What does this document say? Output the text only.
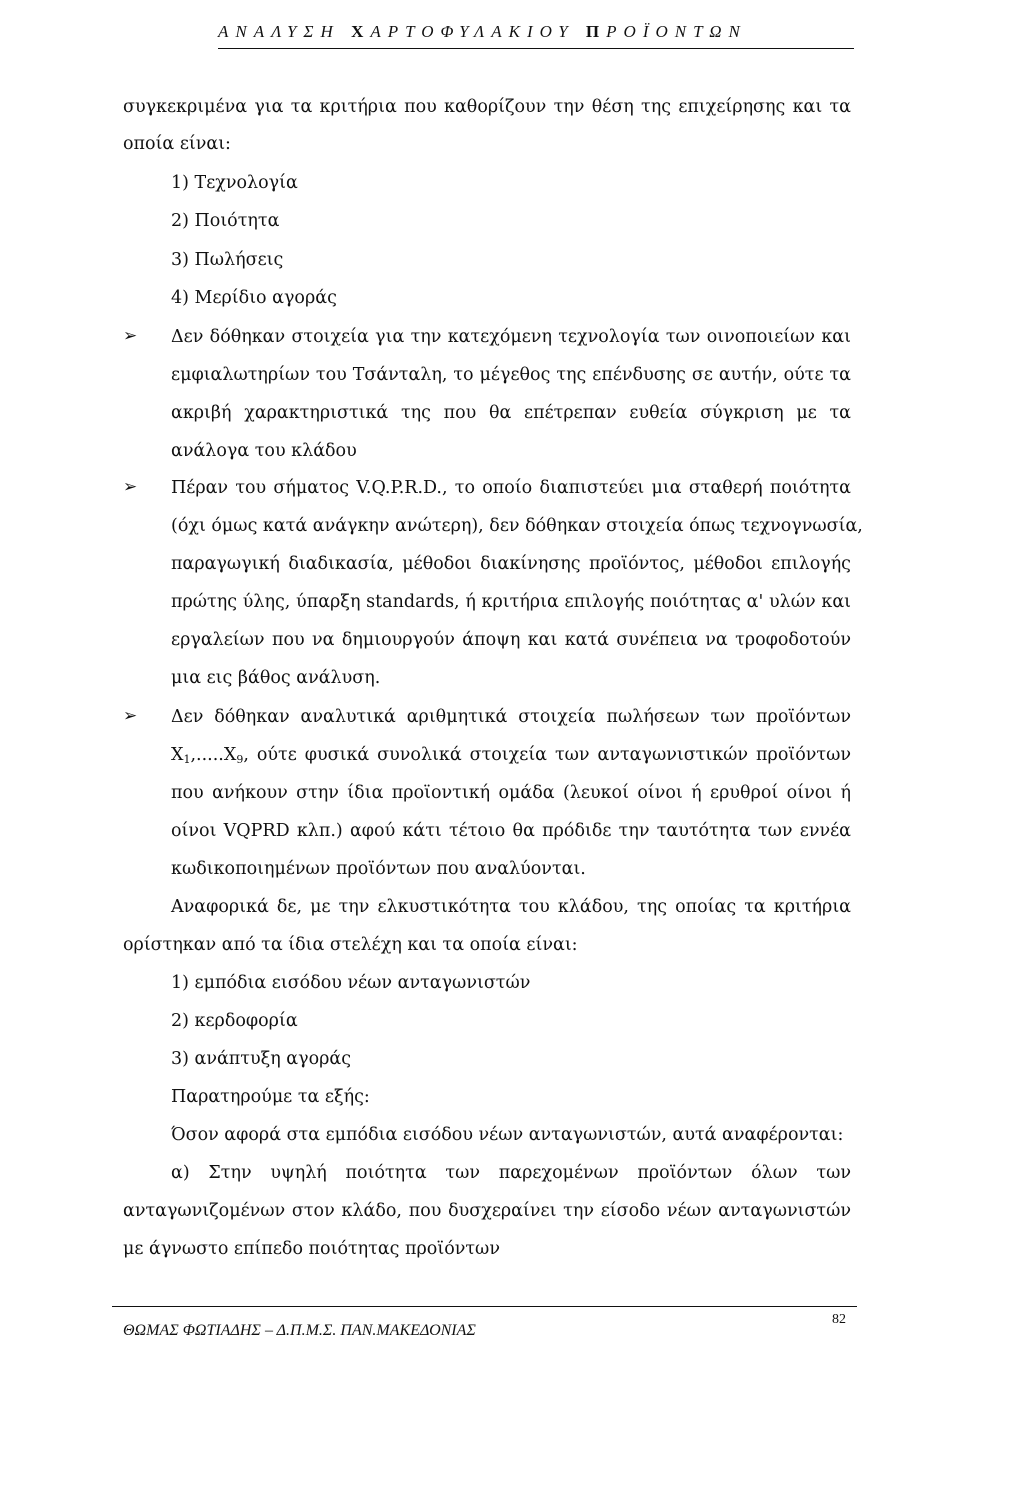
ΑΝΑΛΥΣΗ ΧΑΡΤΟΦΥΛΑΚΙΟΥ ΠΡΟΪΟΝΤΩΝ
συγκεκριμένα για τα κριτήρια που καθορίζουν την θέση της επιχείρησης και τα
οποία είναι:
1) Τεχνολογία
2) Ποιότητα
3) Πωλήσεις
4) Μερίδιο αγοράς
➢ Δεν δόθηκαν στοιχεία για την κατεχόμενη τεχνολογία των οινοποιείων και
εμφιαλωτηρίων του Τσάνταλη, το μέγεθος της επένδυσης σε αυτήν, ούτε τα
ακριβή χαρακτηριστικά της που θα επέτρεπαν ευθεία σύγκριση με τα
ανάλογα του κλάδου
➢ Πέραν του σήματος V.Q.P.R.D., το οποίο διαπιστεύει μια σταθερή ποιότητα
(όχι όμως κατά ανάγκην ανώτερη), δεν δόθηκαν στοιχεία όπως τεχνογνωσία,
παραγωγική διαδικασία, μέθοδοι διακίνησης προϊόντος, μέθοδοι επιλογής
πρώτης ύλης, ύπαρξη standards, ή κριτήρια επιλογής ποιότητας α' υλών και
εργαλείων που να δημιουργούν άποψη και κατά συνέπεια να τροφοδοτούν
μια εις βάθος ανάλυση.
➢ Δεν δόθηκαν αναλυτικά αριθμητικά στοιχεία πωλήσεων των προϊόντων
$X_1,.....X_9$ , ούτε φυσικά συνολικά στοιχεία των ανταγωνιστικών προϊόντων
που ανήκουν στην ίδια προϊοντική ομάδα (λευκοί οίνοι ή ερυθροί οίνοι ή
οίνοι VQPRD κλπ.) αφού κάτι τέτοιο θα πρόδιδε την ταυτότητα των εννέα
κωδικοποιημένων προϊόντων που αναλύονται.
Αναφορικά δε, με την ελκυστικότητα του κλάδου, της οποίας τα κριτήρια
ορίστηκαν από τα ίδια στελέχη και τα οποία είναι:
1) εμπόδια εισόδου νέων ανταγωνιστών
2) κερδοφορία
3) ανάπτυξη αγοράς
Παρατηρούμε τα εξής:
Όσον αφορά στα εμπόδια εισόδου νέων ανταγωνιστών, αυτά αναφέρονται:
α) Στην υψηλή ποιότητα των παρεχομένων προϊόντων όλων των
ανταγωνιζομένων στον κλάδο, που δυσχεραίνει την είσοδο νέων ανταγωνιστών
με άγνωστο επίπεδο ποιότητας προϊόντων
ΘΩΜΑΣ ΦΩΤΙΑΔΗΣ – Δ.Π.Μ.Σ. ΠΑΝ.ΜΑΚΕΔΟΝΙΑΣ
82
